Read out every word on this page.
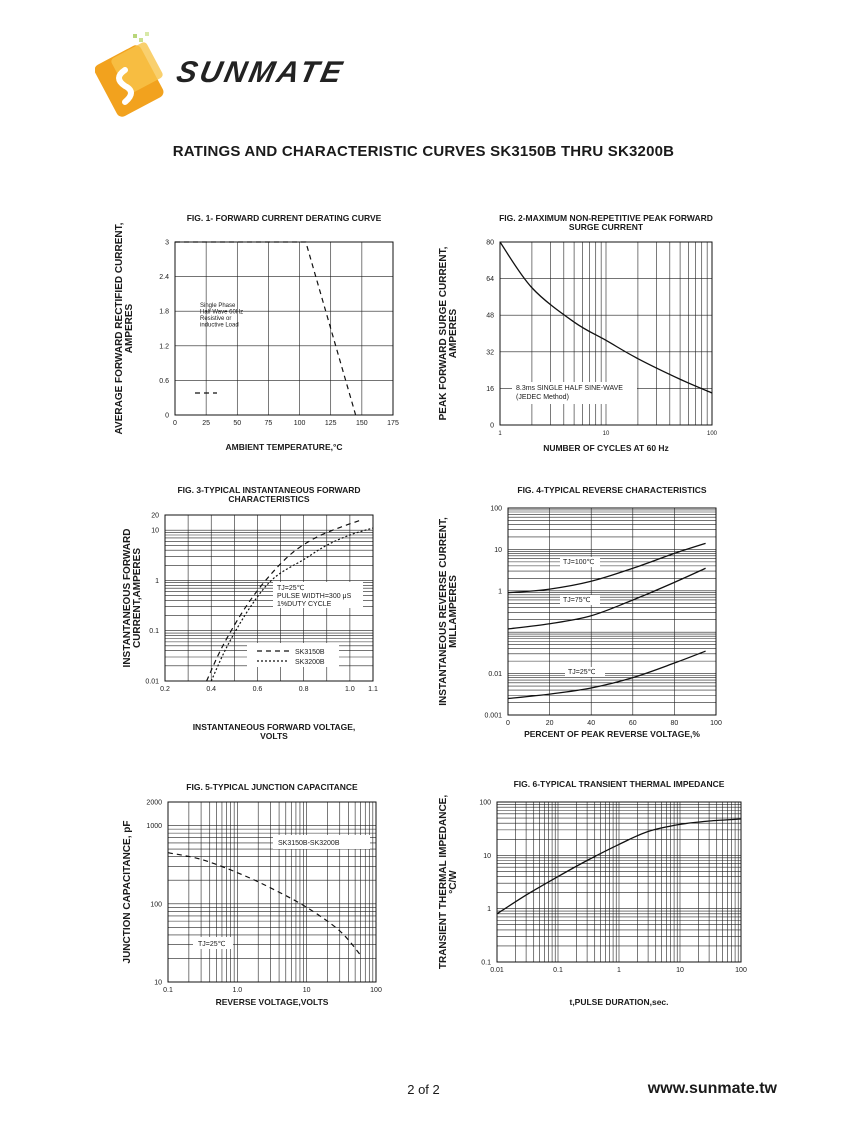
SUNMATE
RATINGS AND CHARACTERISTIC CURVES SK3150B THRU SK3200B
0	25	50	75	100	125	150	175
0
0.6
1.2
1.8
2.4
3
FIG. 1- FORWARD CURRENT DERATING CURVE
AMBIENT TEMPERATURE,°C
AVERAGE FORWARD RECTIFIED CURRENT, AMPERES	Single Phase
Half Wave 60Hz
Resistive or
inductive Load
1	10	100
0
16
32
48
64
80
FIG. 2-MAXIMUM NON-REPETITIVE PEAK FORWARD
SURGE CURRENT
NUMBER OF CYCLES AT 60 Hz
PEAK FORWARD SURGE CURRENT, AMPERES
8.3ms SINGLE HALF SINE-WAVE
(JEDEC Method)
0.2	0.4	0.6	0.8	1.0 1.1
0.01
0.1
1
10
20
FIG. 3-TYPICAL INSTANTANEOUS FORWARD
CHARACTERISTICS
INSTANTANEOUS FORWARD VOLTAGE,
VOLTS
INSTANTANEOUS FORWARD CURRENT,AMPERES	TJ=25℃
PULSE WIDTH=300 μS
1%DUTY CYCLE
SK3150B
SK3200B
0	20	40	60	80	100
0.001
0.01
1
10
100
FIG. 4-TYPICAL REVERSE CHARACTERISTICS
PERCENT OF PEAK REVERSE VOLTAGE,%
INSTANTANEOUS REVERSE CURRENT, MILLAMPERES
TJ=100℃
TJ=75℃
TJ=25℃
0.1	1.0	10	100
10
100
1000
2000
FIG. 5-TYPICAL JUNCTION CAPACITANCE
REVERSE VOLTAGE,VOLTS
JUNCTION CAPACITANCE, pF	SK3150B-SK3200B
TJ=25℃
0.01	0.1	1	10	100
0.1
1
10
100
FIG. 6-TYPICAL TRANSIENT THERMAL IMPEDANCE
t,PULSE DURATION,sec.
TRANSIENT THERMAL IMPEDANCE, °C/W
2 of 2	www.sunmate.tw
